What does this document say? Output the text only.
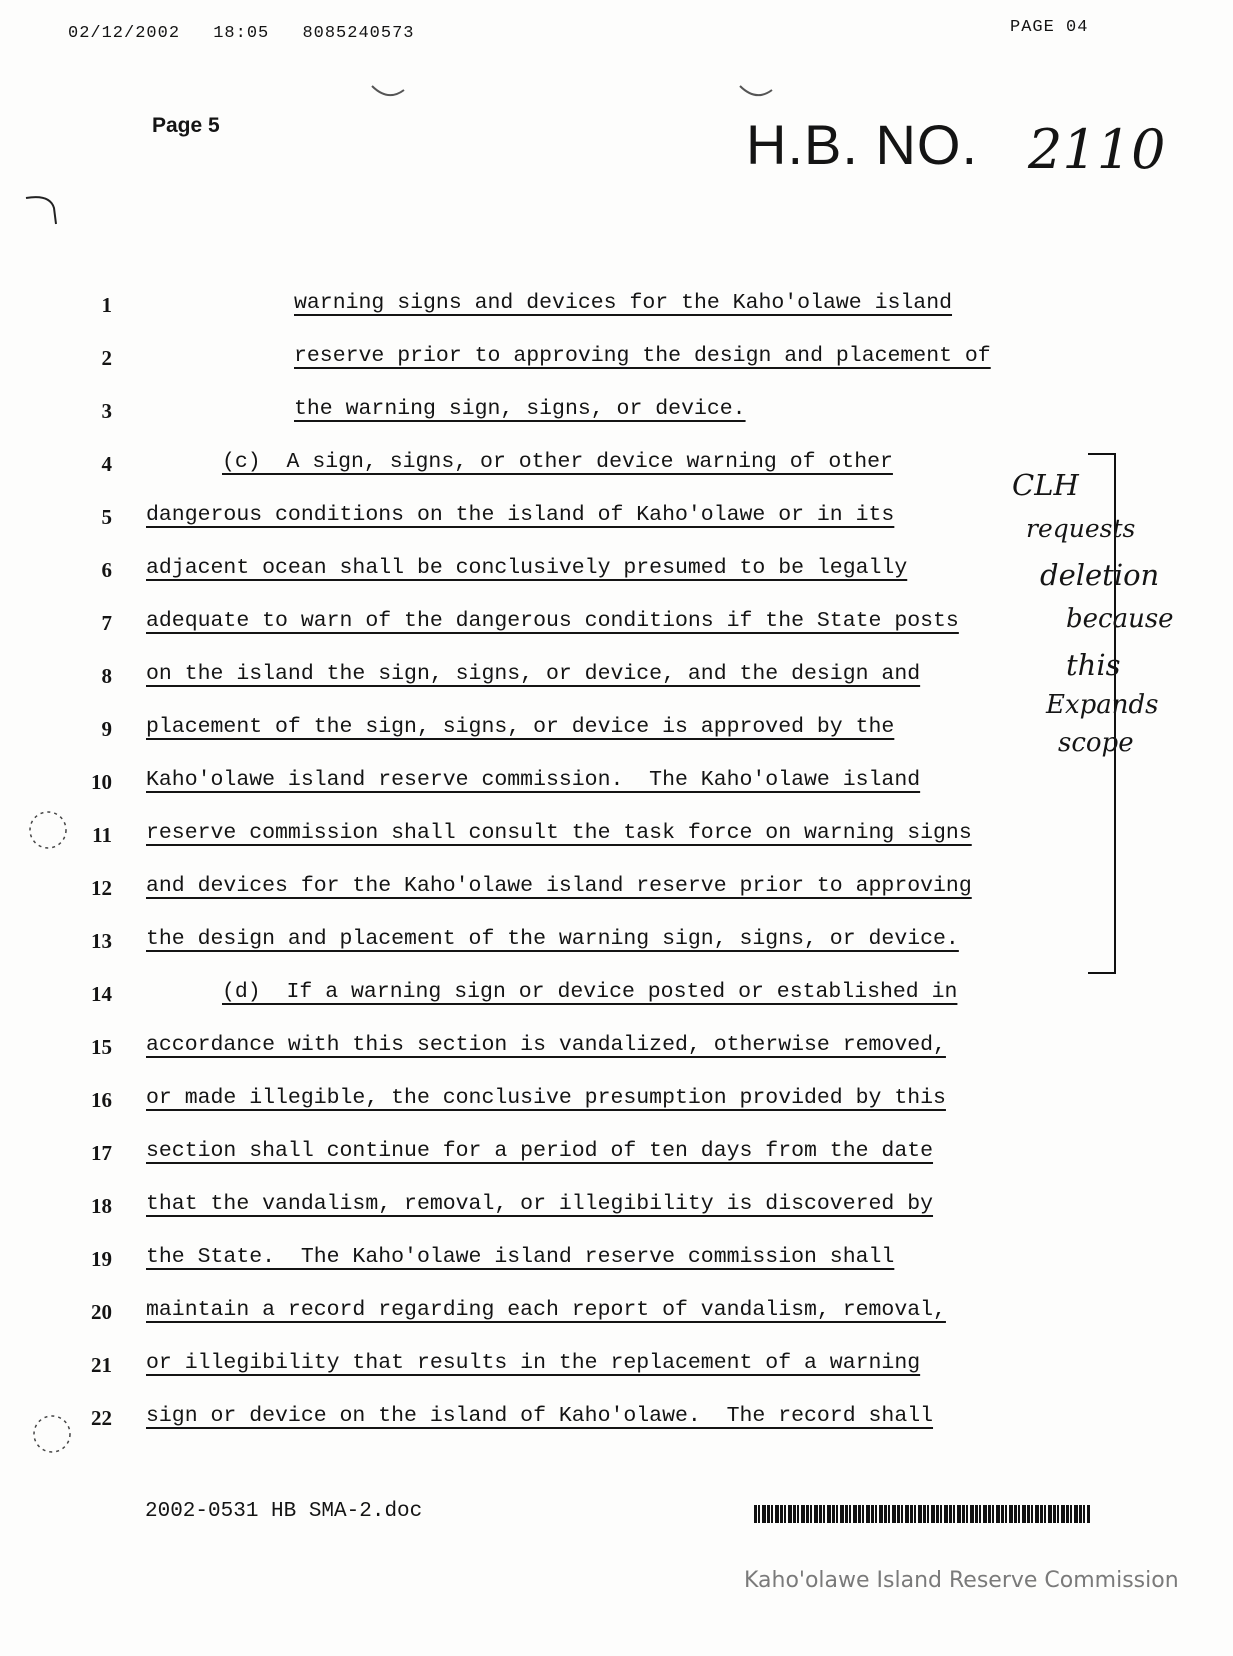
02/12/2002 18:05 8085240573	PAGE 04
Page 5	H.B. NO. 2110
1	warning signs and devices for the Kaho'olawe island
2	reserve prior to approving the design and placement of
3	the warning sign, signs, or device.
4	(c)  A sign, signs, or other device warning of other
5 dangerous conditions on the island of Kaho'olawe or in its
6 adjacent ocean shall be conclusively presumed to be legally
7 adequate to warn of the dangerous conditions if the State posts
8 on the island the sign, signs, or device, and the design and
9 placement of the sign, signs, or device is approved by the
10 Kaho'olawe island reserve commission.  The Kaho'olawe island
11 reserve commission shall consult the task force on warning signs
12 and devices for the Kaho'olawe island reserve prior to approving
13 the design and placement of the warning sign, signs, or device.
14	(d)  If a warning sign or device posted or established in
15 accordance with this section is vandalized, otherwise removed,
16 or made illegible, the conclusive presumption provided by this
17 section shall continue for a period of ten days from the date
18 that the vandalism, removal, or illegibility is discovered by
19 the State.  The Kaho'olawe island reserve commission shall
20 maintain a record regarding each report of vandalism, removal,
21 or illegibility that results in the replacement of a warning
22 sign or device on the island of Kaho'olawe.  The record shall
CLH
requests
deletion
because
this
Expands
scope
2002-0531 HB SMA-2.doc
Kaho'olawe Island Reserve Commission
